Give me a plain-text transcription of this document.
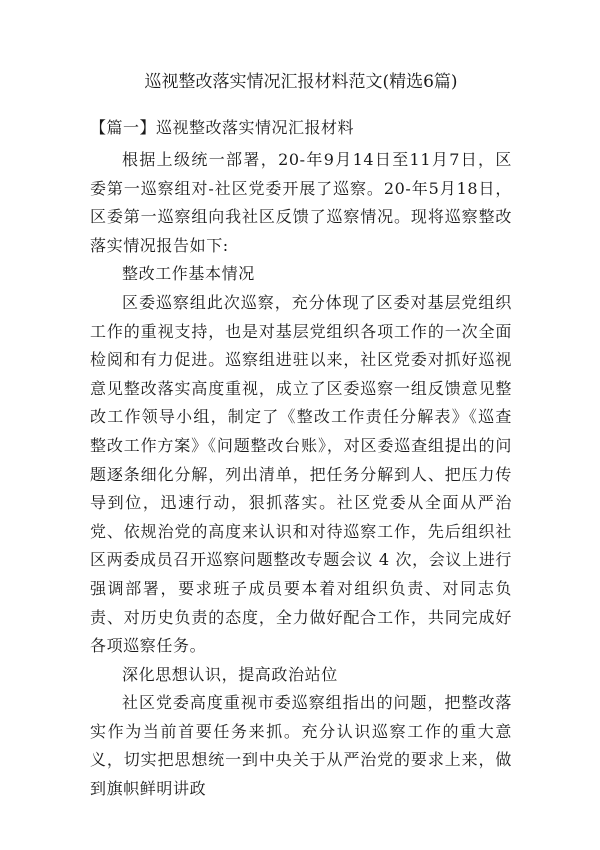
巡视整改落实情况汇报材料范文(精选6篇)
【篇一】巡视整改落实情况汇报材料

根据上级统一部署，20-年9月14日至11月7日，区委第一巡察组对-社区党委开展了巡察。20-年5月18日，区委第一巡察组向我社区反馈了巡察情况。现将巡察整改落实情况报告如下:

整改工作基本情况

区委巡察组此次巡察，充分体现了区委对基层党组织工作的重视支持，也是对基层党组织各项工作的一次全面检阅和有力促进。巡察组进驻以来，社区党委对抓好巡视意见整改落实高度重视，成立了区委巡察一组反馈意见整改工作领导小组，制定了《整改工作责任分解表》《巡查整改工作方案》《问题整改台账》，对区委巡查组提出的问题逐条细化分解，列出清单，把任务分解到人、把压力传导到位，迅速行动，狠抓落实。社区党委从全面从严治党、依规治党的高度来认识和对待巡察工作，先后组织社区两委成员召开巡察问题整改专题会议 4 次，会议上进行强调部署，要求班子成员要本着对组织负责、对同志负责、对历史负责的态度，全力做好配合工作，共同完成好各项巡察任务。

深化思想认识，提高政治站位

社区党委高度重视市委巡察组指出的问题，把整改落实作为当前首要任务来抓。充分认识巡察工作的重大意义，切实把思想统一到中央关于从严治党的要求上来，做到旗帜鲜明讲政
